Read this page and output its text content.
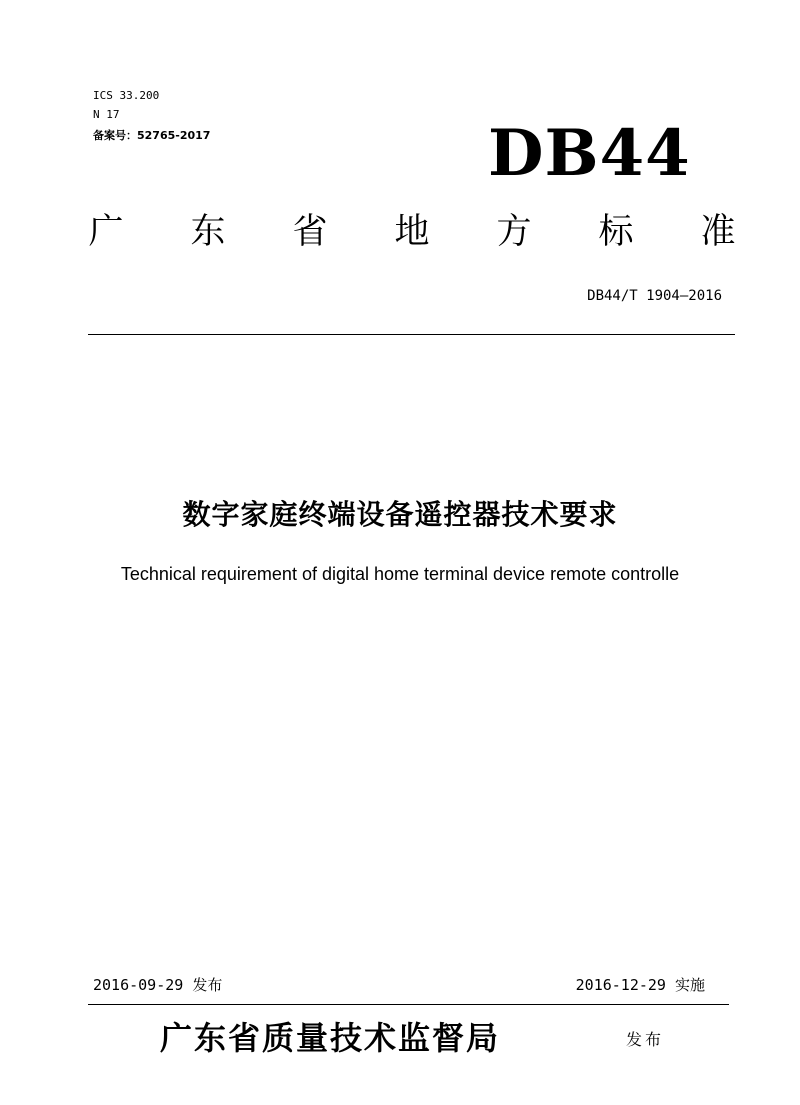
ICS 33.200
N 17
备案号：52765-2017	DB44
广 东 省 地 方 标 准
DB44/T 1904—2016
数字家庭终端设备遥控器技术要求
Technical requirement of digital home terminal device remote controlle
2016-09-29 发布	2016-12-29 实施
广东省质量技术监督局	发布
